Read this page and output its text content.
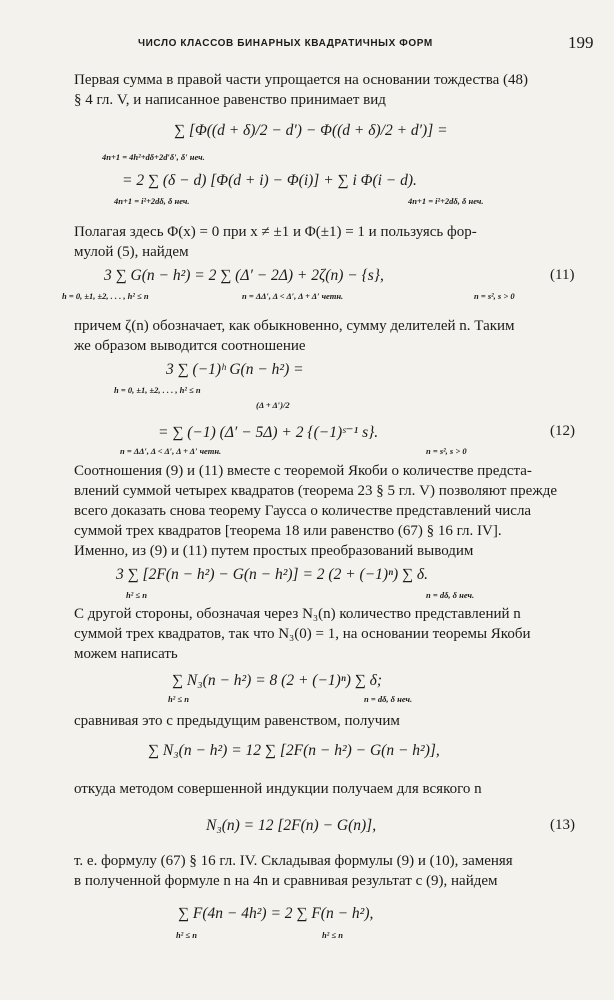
ЧИСЛО КЛАССОВ БИНАРНЫХ КВАДРАТИЧНЫХ ФОРМ	199
Первая сумма в правой части упрощается на основании тождества (48)
§ 4 гл. V, и написанное равенство принимает вид
∑ [Φ((d + δ)/2 − d′) − Φ((d + δ)/2 + d′)] =
4n+1 = 4h²+dδ+2d′δ′, δ′ неч.
= 2 ∑ (δ − d) [Φ(d + i) − Φ(i)] + ∑ i Φ(i − d).
4n+1 = i²+2dδ, δ неч.	4n+1 = i²+2dδ, δ неч.
Полагая здесь Φ(x) = 0 при x ≠ ±1 и Φ(±1) = 1 и пользуясь фор-
мулой (5), найдем
3 ∑ G(n − h²) = 2 ∑ (Δ′ − 2Δ) + 2ζ(n) − {s},	(11)
h = 0, ±1, ±2, . . . , h² ≤ n	n = ΔΔ′, Δ < Δ′, Δ + Δ′ четн.	n = s², s > 0
причем ζ(n) обозначает, как обыкновенно, сумму делителей n. Таким
же образом выводится соотношение
3 ∑ (−1)ʰ G(n − h²) =
h = 0, ±1, ±2, . . . , h² ≤ n
(Δ + Δ′)/2
= ∑ (−1) (Δ′ − 5Δ) + 2 {(−1)ˢ⁻¹ s}.	(12)
n = ΔΔ′, Δ < Δ′, Δ + Δ′ четн.	n = s², s > 0
Соотношения (9) и (11) вместе с теоремой Якоби о количестве предста-
влений суммой четырех квадратов (теорема 23 § 5 гл. V) позволяют прежде
всего доказать снова теорему Гаусса о количестве представлений числа
суммой трех квадратов [теорема 18 или равенство (67) § 16 гл. IV].
Именно, из (9) и (11) путем простых преобразований выводим
3 ∑ [2F(n − h²) − G(n − h²)] = 2 (2 + (−1)ⁿ) ∑ δ.
h² ≤ n	n = dδ, δ неч.
С другой стороны, обозначая через N₃(n) количество представлений n
суммой трех квадратов, так что N₃(0) = 1, на основании теоремы Якоби
можем написать
∑ N₃(n − h²) = 8 (2 + (−1)ⁿ) ∑ δ;
h² ≤ n	n = dδ, δ неч.
сравнивая это с предыдущим равенством, получим
∑ N₃(n − h²) = 12 ∑ [2F(n − h²) − G(n − h²)],
откуда методом совершенной индукции получаем для всякого n
N₃(n) = 12 [2F(n) − G(n)],	(13)
т. е. формулу (67) § 16 гл. IV. Складывая формулы (9) и (10), заменяя
в полученной формуле n на 4n и сравнивая результат с (9), найдем
∑ F(4n − 4h²) = 2 ∑ F(n − h²),
h² ≤ n	h² ≤ n
